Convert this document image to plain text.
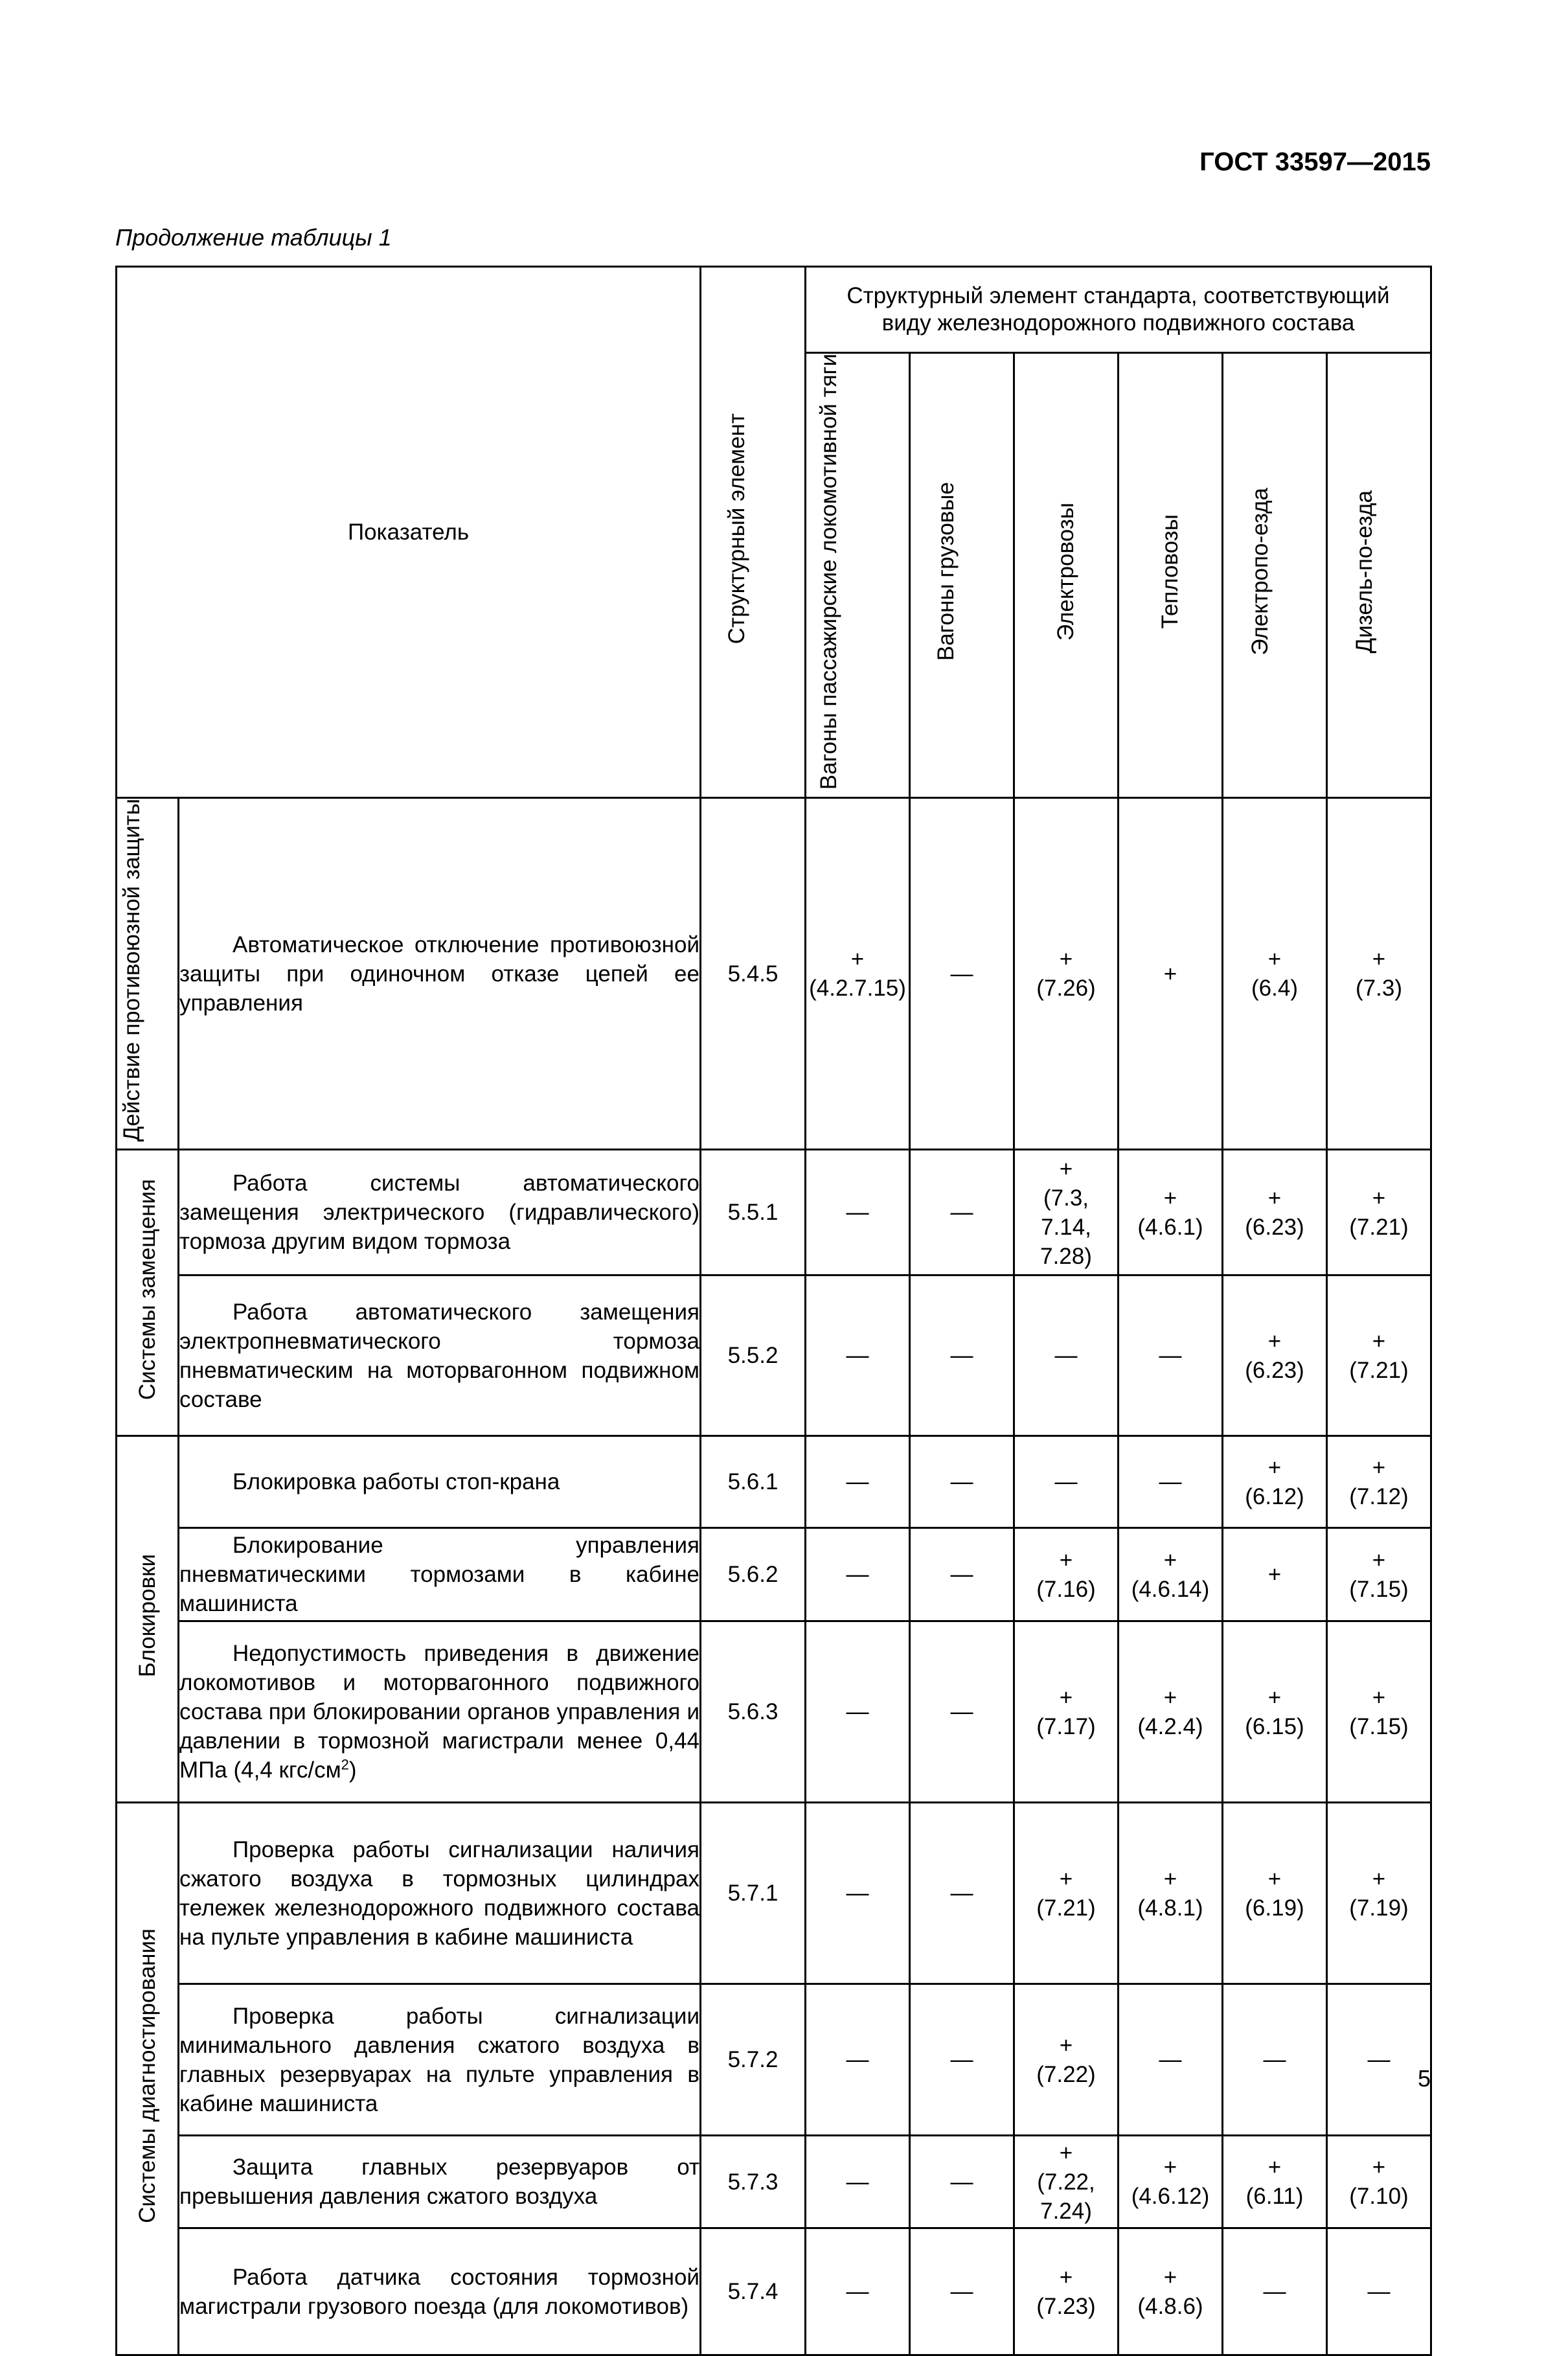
ГОСТ 33597—2015
Продолжение таблицы 1
Показатель		Структурный элемент	Структурный элемент стандарта, соответствующий виду железнодорожного подвижного состава					
			Вагоны пассажирские локомотивной тяги	Вагоны грузовые	Электровозы	Тепловозы	Электропо-езда	Дизель-по-езда
Действие противоюзной защиты	Автоматическое отключение противоюзной защиты при одиночном отказе цепей ее управления	5.4.5	+
(4.2.7.15)	—	+
(7.26)	+	+
(6.4)	+
(7.3)
Системы замещения	Работа системы автоматического замещения электрического (гидравлического) тормоза другим видом тормоза	5.5.1	—	—	+
(7.3, 7.14, 7.28)	+
(4.6.1)	+
(6.23)	+
(7.21)

	Работа автоматического замещения электропневматического тормоза пневматическим на моторвагонном подвижном составе	5.5.2	—	—	—	—	+
(6.23)	+
(7.21)
Блокировки	Блокировка работы стоп-крана	5.6.1	—	—	—	—	+
(6.12)	+
(7.12)

	Блокирование управления пневматическими тормозами в кабине машиниста	5.6.2	—	—	+
(7.16)	+
(4.6.14)	+	+
(7.15)

	Недопустимость приведения в движение локомотивов и моторвагонного подвижного состава при блокировании органов управления и давлении в тормозной магистрали менее 0,44 МПа (4,4 кгс/$см^2$)	5.6.3	—	—	+
(7.17)	+
(4.2.4)	+
(6.15)	+
(7.15)
Системы диагностирования	Проверка работы сигнализации наличия сжатого воздуха в тормозных цилиндрах тележек железнодорожного подвижного состава на пульте управления в кабине машиниста	5.7.1	—	—	+
(7.21)	+
(4.8.1)	+
(6.19)	+
(7.19)

	Проверка работы сигнализации минимального давления сжатого воздуха в главных резервуарах на пульте управления в кабине машиниста	5.7.2	—	—	+
(7.22)	—	—	—

	Защита главных резервуаров от превышения давления сжатого воздуха	5.7.3	—	—	+
(7.22, 7.24)	+
(4.6.12)	+
(6.11)	+
(7.10)

	Работа датчика состояния тормозной магистрали грузового поезда (для локомотивов)	5.7.4	—	—	+
(7.23)	+
(4.8.6)	—	—
5
